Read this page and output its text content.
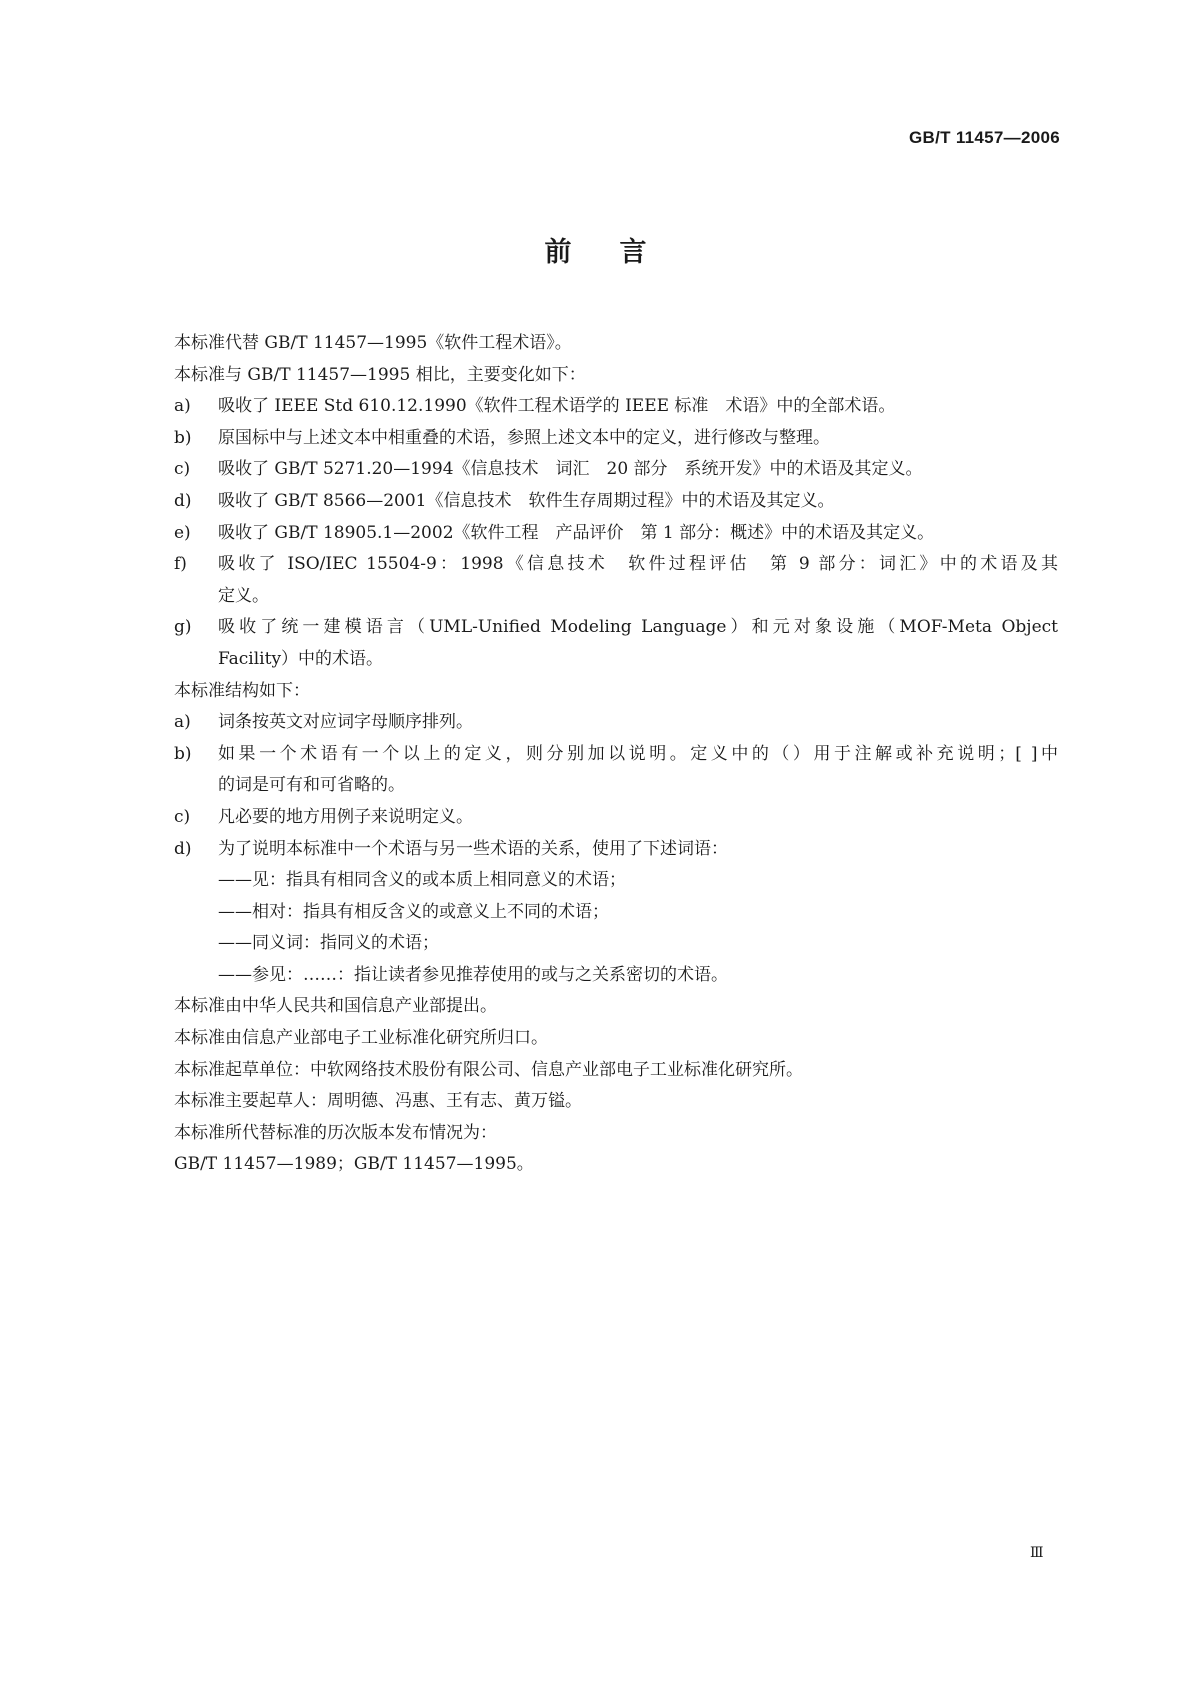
GB/T 11457—2006
前言
本标准代替 GB/T 11457—1995《软件工程术语》。
本标准与 GB/T 11457—1995 相比，主要变化如下：
a)	吸收了 IEEE Std 610.12.1990《软件工程术语学的 IEEE 标准　术语》中的全部术语。
b)	原国标中与上述文本中相重叠的术语，参照上述文本中的定义，进行修改与整理。
c)	吸收了 GB/T 5271.20—1994《信息技术　词汇　20 部分　系统开发》中的术语及其定义。
d)	吸收了 GB/T 8566—2001《信息技术　软件生存周期过程》中的术语及其定义。
e)	吸收了 GB/T 18905.1—2002《软件工程　产品评价　第 1 部分：概述》中的术语及其定义。
f)	吸收了 ISO/IEC 15504-9：1998《信息技术　软件过程评估　第 9 部分：词汇》中的术语及其
定义。
g)	吸收了统一建模语言（UML-Unified Modeling Language）和元对象设施（MOF-Meta Object
Facility）中的术语。
本标准结构如下：
a)	词条按英文对应词字母顺序排列。
b)	如果一个术语有一个以上的定义，则分别加以说明。定义中的（）用于注解或补充说明；[ ]中
的词是可有和可省略的。
c)	凡必要的地方用例子来说明定义。
d)	为了说明本标准中一个术语与另一些术语的关系，使用了下述词语：
——见：指具有相同含义的或本质上相同意义的术语；
——相对：指具有相反含义的或意义上不同的术语；
——同义词：指同义的术语；
——参见：……：指让读者参见推荐使用的或与之关系密切的术语。
本标准由中华人民共和国信息产业部提出。
本标准由信息产业部电子工业标准化研究所归口。
本标准起草单位：中软网络技术股份有限公司、信息产业部电子工业标准化研究所。
本标准主要起草人：周明德、冯惠、王有志、黄万镒。
本标准所代替标准的历次版本发布情况为：
GB/T 11457—1989；GB/T 11457—1995。
Ⅲ
